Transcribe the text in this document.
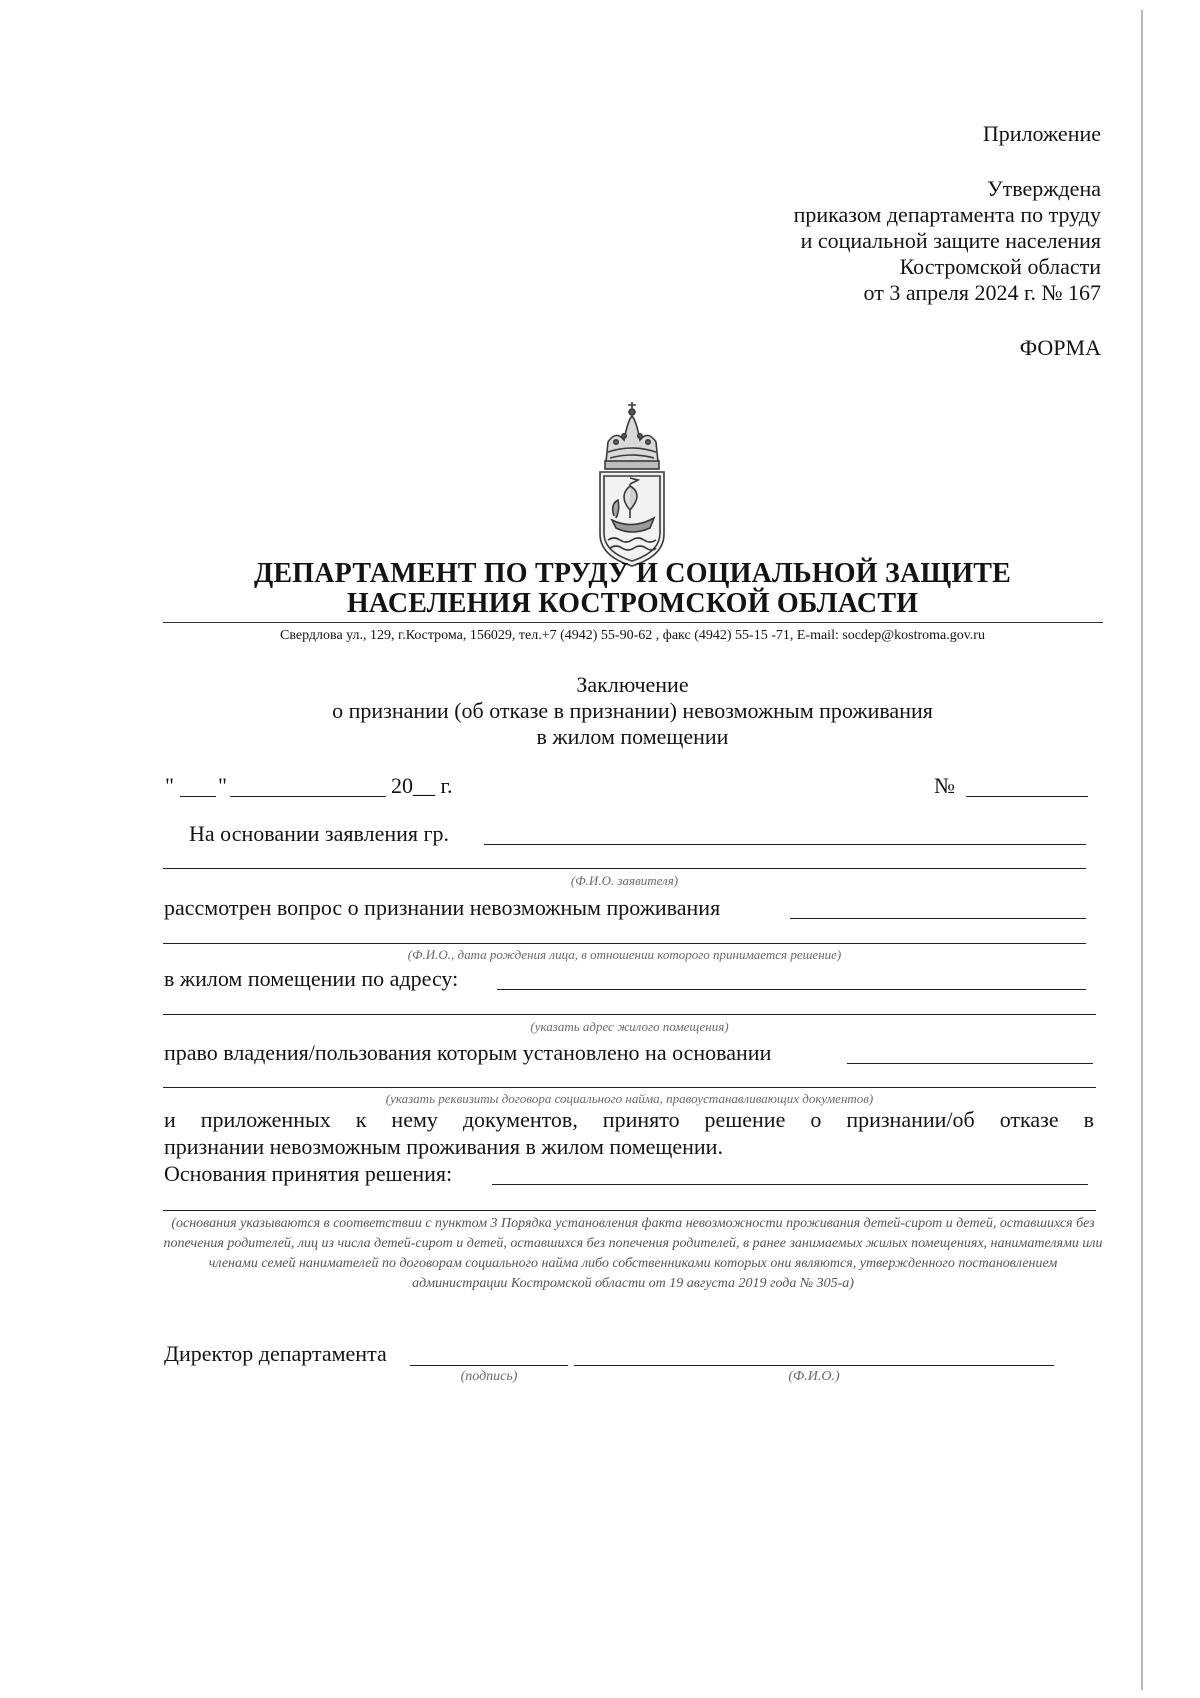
Приложение
Утверждена
приказом департамента по труду
и социальной защите населения
Костромской области
от 3 апреля 2024 г. № 167
ФОРМА
ДЕПАРТАМЕНТ ПО ТРУДУ И СОЦИАЛЬНОЙ ЗАЩИТЕ
НАСЕЛЕНИЯ КОСТРОМСКОЙ ОБЛАСТИ
Свердлова ул., 129, г.Кострома, 156029, тел.+7 (4942) 55-90-62 , факс (4942) 55-15 -71, E-mail: socdep@kostroma.gov.ru
Заключение
о признании (об отказе в признании) невозможным проживания
в жилом помещении
" "	20__ г.	№
На основании заявления гр.
(Ф.И.О. заявителя)
рассмотрен вопрос о признании невозможным проживания
(Ф.И.О., дата рождения лица, в отношении которого принимается решение)
в жилом помещении по адресу:
(указать адрес жилого помещения)
право владения/пользования которым установлено на основании
(указать реквизиты договора социального найма, правоустанавливающих документов)
и приложенных к нему документов, принято решение о признании/об отказе в
признании невозможным проживания в жилом помещении.
Основания принятия решения:
(основания указываются в соответствии с пунктом 3 Порядка установления факта невозможности проживания детей-сирот и детей, оставшихся без попечения родителей, лиц из числа детей-сирот и детей, оставшихся без попечения родителей, в ранее занимаемых жилых помещениях, нанимателями или членами семей нанимателей по договорам социального найма либо собственниками которых они являются, утвержденного постановлением администрации Костромской области от 19 августа 2019 года № 305-а)
Директор департамента
(подпись)	(Ф.И.О.)
